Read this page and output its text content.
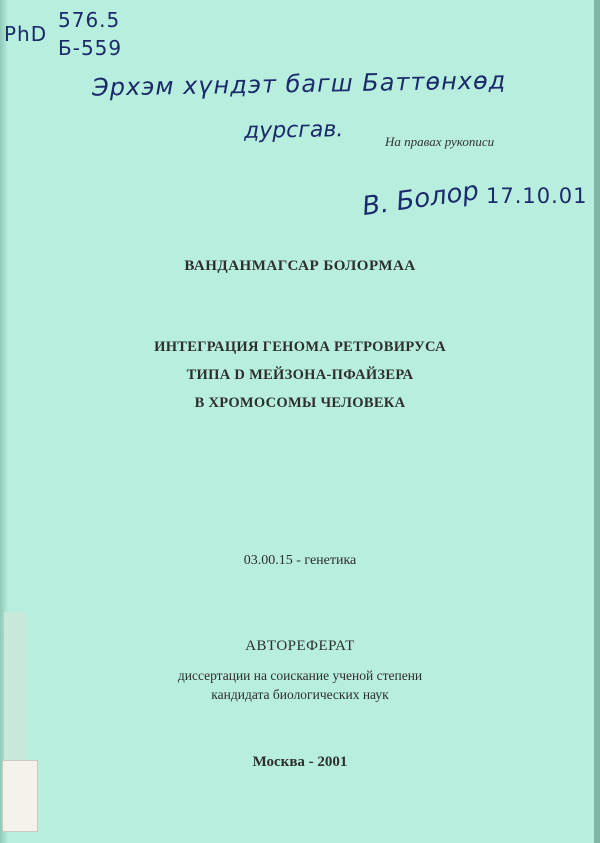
PhD
576.5
Б-559
Эрхэм хүндэт багш Баттөнхөд
дурсгав.	На правах рукописи
В. Болор 17.10.01
ВАНДАНМАГСАР БОЛОРМАА
ИНТЕГРАЦИЯ ГЕНОМА РЕТРОВИРУСА
ТИПА D МЕЙЗОНА-ПФАЙЗЕРА
В ХРОМОСОМЫ ЧЕЛОВЕКА
03.00.15 - генетика
АВТОРЕФЕРАТ
диссертации на соискание ученой степени
кандидата биологических наук
Москва - 2001
